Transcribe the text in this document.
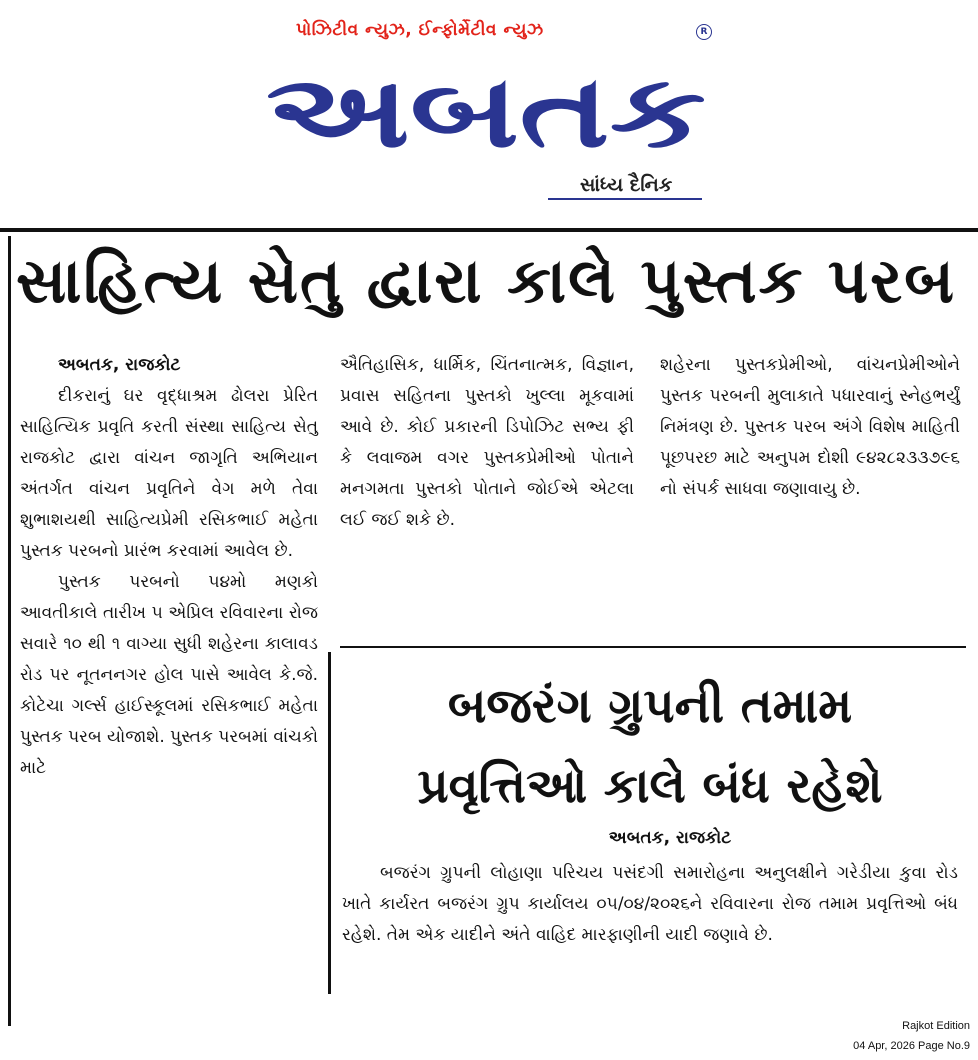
પોઝિટીવ ન્યુઝ, ઈન્ફોર્મેટીવ ન્યુઝ	R
અબતક
સાંધ્ય દૈનિક
સાહિત્ય સેતુ દ્વારા કાલે પુસ્તક પરબ
અબતક, રાજકોટ

દીકરાનું ઘર વૃદ્ધાશ્રમ ઢોલરા પ્રેરિત સાહિત્યિક પ્રવૃતિ કરતી સંસ્થા સાહિત્ય સેતુ રાજકોટ દ્વારા વાંચન જાગૃતિ અભિયાન અંતર્ગત વાંચન પ્રવૃતિને વેગ મળે તેવા શુભાશયથી સાહિત્યપ્રેમી રસિકભાઈ મહેતા પુસ્તક પરબનો પ્રારંભ કરવામાં આવેલ છે.

પુસ્તક પરબનો ૫૪મો મણકો આવતીકાલે તારીખ ૫ એપ્રિલ રવિવારના રોજ સવારે ૧૦ થી ૧ વાગ્યા સુધી શહેરના કાલાવડ રોડ પર નૂતનનગર હોલ પાસે આવેલ કે.જે. કોટેચા ગર્લ્સ હાઈસ્કૂલમાં રસિકભાઈ મહેતા પુસ્તક પરબ યોજાશે. પુસ્તક પરબમાં વાંચકો માટે

ઐતિહાસિક, ધાર્મિક, ચિંતનાત્મક, વિજ્ઞાન, પ્રવાસ સહિતના પુસ્તકો ખુલ્લા મૂકવામાં આવે છે. કોઈ પ્રકારની ડિપોઝિટ સભ્ય ફી કે લવાજમ વગર પુસ્તકપ્રેમીઓ પોતાને મનગમતા પુસ્તકો પોતાને જોઈએ એટલા લઈ જઈ શકે છે.

શહેરના પુસ્તકપ્રેમીઓ, વાંચનપ્રેમીઓને પુસ્તક પરબની મુલાકાતે પધારવાનું સ્નેહભર્યું નિમંત્રણ છે. પુસ્તક પરબ અંગે વિશેષ માહિતી પૂછપરછ માટે અનુપમ દોશી ૯૪૨૮૨૩૩૭૯૬ નો સંપર્ક સાધવા જણાવાયુ છે.

બજરંગ ગ્રુપની તમામ
પ્રવૃત્તિઓ કાલે બંધ રહેશે
અબતક, રાજકોટ

બજરંગ ગ્રુપની લોહાણા પરિચય પસંદગી સમારોહના અનુલક્ષીને ગરેડીયા કુવા રોડ ખાતે કાર્યરત બજરંગ ગ્રુપ કાર્યાલય ૦૫/૦૪/૨૦૨૬ને રવિવારના રોજ તમામ પ્રવૃત્તિઓ બંધ રહેશે. તેમ એક યાદીને અંતે વાહિદ મારફાણીની યાદી જણાવે છે.

Rajkot Edition
04 Apr, 2026 Page No.9
